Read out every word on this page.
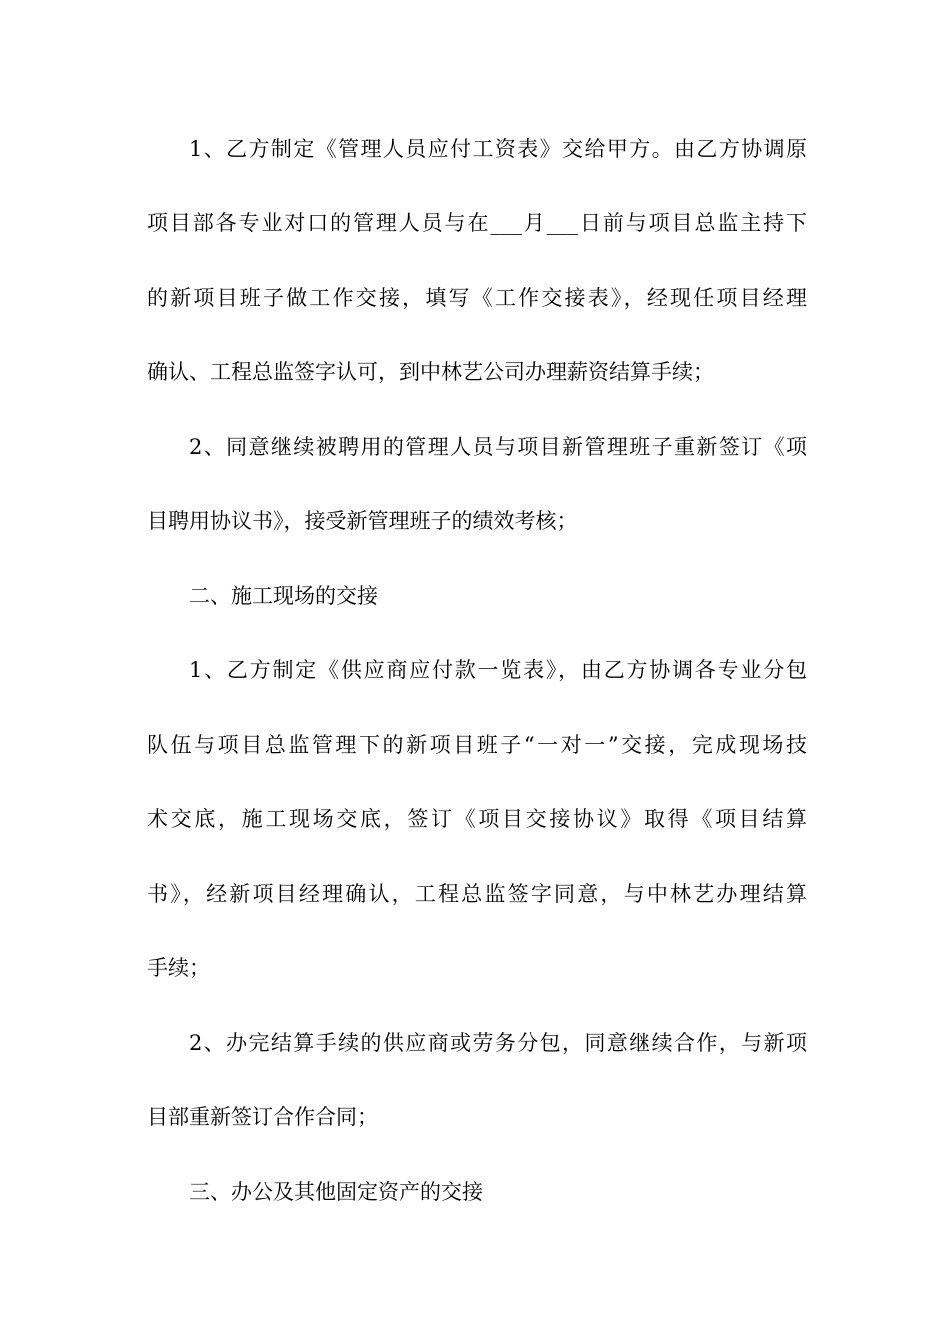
1、乙方制定《管理人员应付工资表》交给甲方。由乙方协调原

项目部各专业对口的管理人员与在___月___日前与项目总监主持下

的新项目班子做工作交接，填写《工作交接表》，经现任项目经理

确认、工程总监签字认可，到中林艺公司办理薪资结算手续；

2、同意继续被聘用的管理人员与项目新管理班子重新签订《项

目聘用协议书》，接受新管理班子的绩效考核；

二、施工现场的交接

1、乙方制定《供应商应付款一览表》，由乙方协调各专业分包

队伍与项目总监管理下的新项目班子“一对一”交接，完成现场技

术交底，施工现场交底，签订《项目交接协议》取得《项目结算

书》，经新项目经理确认，工程总监签字同意，与中林艺办理结算

手续；

2、办完结算手续的供应商或劳务分包，同意继续合作，与新项

目部重新签订合作合同；

三、办公及其他固定资产的交接
